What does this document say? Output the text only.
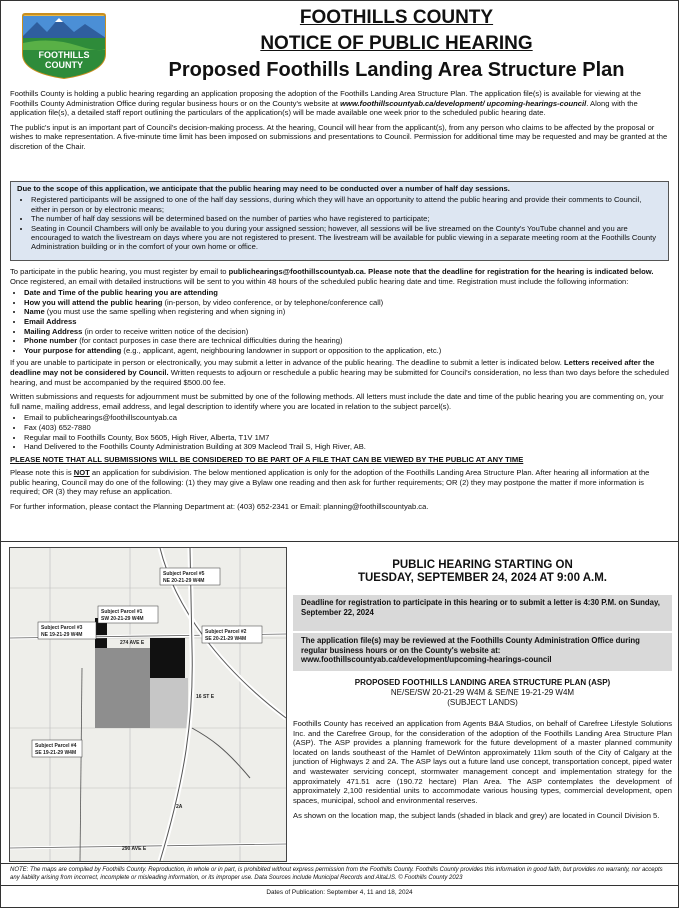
FOOTHILLS
COUNTY
FOOTHILLS COUNTY
NOTICE OF PUBLIC HEARING
Proposed Foothills Landing Area Structure Plan

Foothills County is holding a public hearing regarding an application proposing the adoption of the Foothills Landing Area Structure Plan. The application file(s) is available for viewing at the Foothills County Administration Office during regular business hours or on the County's website at www.foothillscountyab.ca/development/ upcoming-hearings-council. Along with the application file(s), a detailed staff report outlining the particulars of the application(s) will be made available one week prior to the scheduled public hearing date.

The public's input is an important part of Council's decision-making process. At the hearing, Council will hear from the applicant(s), from any person who claims to be affected by the proposal or wishes to make representation. A five-minute time limit has been imposed on submissions and presentations to Council. Permission for additional time may be requested and may be granted at the discretion of the Chair.

Due to the scope of this application, we anticipate that the public hearing may need to be conducted over a number of half day sessions.
• Registered participants will be assigned to one of the half day sessions, during which they will have an opportunity to attend the public hearing and provide their comments to Council, either in person or by electronic means;
• The number of half day sessions will be determined based on the number of parties who have registered to participate;
• Seating in Council Chambers will only be available to you during your assigned session; however, all sessions will be live streamed on the County's YouTube channel and you are encouraged to watch the livestream on days where you are not registered to present. The livestream will be available for public viewing in a separate meeting room at the Foothills County Administration building or in the comfort of your own home or office.

To participate in the public hearing, you must register by email to publichearings@foothillscountyab.ca. Please note that the deadline for registration for the hearing is indicated below. Once registered, an email with detailed instructions will be sent to you within 48 hours of the scheduled public hearing date and time. Registration must include the following information:

• Date and Time of the public hearing you are attending
• How you will attend the public hearing (in-person, by video conference, or by telephone/conference call)
• Name (you must use the same spelling when registering and when signing in)
• Email Address
• Mailing Address (in order to receive written notice of the decision)
• Phone number (for contact purposes in case there are technical difficulties during the hearing)
• Your purpose for attending (e.g., applicant, agent, neighbouring landowner in support or opposition to the application, etc.)

If you are unable to participate in person or electronically, you may submit a letter in advance of the public hearing. The deadline to submit a letter is indicated below. Letters received after the deadline may not be considered by Council. Written requests to adjourn or reschedule a public hearing may be submitted for Council's consideration, no less than two days before the scheduled hearing, and must be accompanied by the required $500.00 fee.

Written submissions and requests for adjournment must be submitted by one of the following methods. All letters must include the date and time of the public hearing you are commenting on, your full name, mailing address, email address, and legal description to identify where you are located in relation to the subject parcel(s).

• Email to publichearings@foothillscountyab.ca
• Fax (403) 652-7880
• Regular mail to Foothills County, Box 5605, High River, Alberta, T1V 1M7
• Hand Delivered to the Foothills County Administration Building at 309 Macleod Trail S, High River, AB.

PLEASE NOTE THAT ALL SUBMISSIONS WILL BE CONSIDERED TO BE PART OF A FILE THAT CAN BE VIEWED BY THE PUBLIC AT ANY TIME

Please note this is NOT an application for subdivision. The below mentioned application is only for the adoption of the Foothills Landing Area Structure Plan. After hearing all information at the public hearing, Council may do one of the following: (1) they may give a Bylaw one reading and then ask for further requirements; OR (2) they may postpone the matter if more information is required; OR (3) they may refuse an application.

For further information, please contact the Planning Department at: (403) 652-2341 or Email: planning@foothillscountyab.ca.

Subject Parcel #5
NE 20-21-29 W4M
Subject Parcel #1
SW 20-21-29 W4M
Subject Parcel #3
NE 19-21-29 W4M	Subject Parcel #2
SE 20-21-29 W4M
Subject Parcel #4
SE 19-21-29 W4M
274 AVE E
290 AVE E
16 ST E
2A
PUBLIC HEARING STARTING ON
TUESDAY, SEPTEMBER 24, 2024 AT 9:00 A.M.
Deadline for registration to participate in this hearing or to submit a letter is 4:30 P.M. on Sunday, September 22, 2024
The application file(s) may be reviewed at the Foothills County Administration Office during regular business hours or on the County's website at: www.foothillscountyab.ca/development/upcoming-hearings-council
PROPOSED FOOTHILLS LANDING AREA STRUCTURE PLAN (ASP)
NE/SE/SW 20-21-29 W4M & SE/NE 19-21-29 W4M
(SUBJECT LANDS)

Foothills County has received an application from Agents B&A Studios, on behalf of Carefree Lifestyle Solutions Inc. and the Carefree Group, for the consideration of the adoption of the Foothills Landing Area Structure Plan (ASP). The ASP provides a planning framework for the future development of a master planned community located on lands southeast of the Hamlet of DeWinton approximately 11km south of the City of Calgary at the junction of Highways 2 and 2A. The ASP lays out a future land use concept, transportation concept, piped water and wastewater servicing concept, stormwater management concept and implementation strategy for the approximately 471.51 acre (190.72 hectare) Plan Area. The ASP contemplates the development of approximately 2,100 residential units to accommodate various housing types, commercial development, open spaces, municipal, school and environmental reserves.

As shown on the location map, the subject lands (shaded in black and grey) are located in Council Division 5.

NOTE: The maps are compiled by Foothills County. Reproduction, in whole or in part, is prohibited without express permission from the Foothills County. Foothills County provides this information in good faith, but provides no warranty, nor accepts any liability arising from incorrect, incomplete or misleading information, or its improper use. Data Sources include Municipal Records and AltaLIS. © Foothills County 2023
Dates of Publication: September 4, 11 and 18, 2024
